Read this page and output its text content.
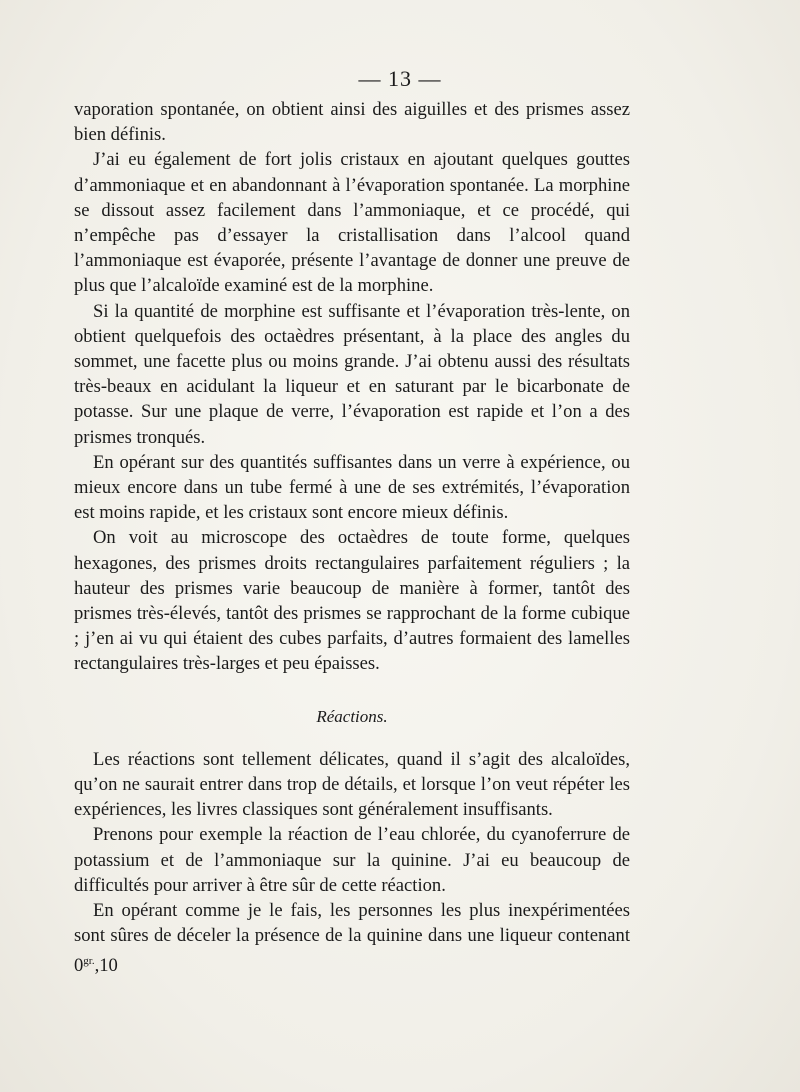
— 13 —

vaporation spontanée, on obtient ainsi des aiguilles et des prismes assez bien définis.

J’ai eu également de fort jolis cristaux en ajoutant quelques gouttes d’ammoniaque et en abandonnant à l’évaporation spontanée. La morphine se dissout assez facilement dans l’ammoniaque, et ce procédé, qui n’empêche pas d’essayer la cristallisation dans l’alcool quand l’ammoniaque est évaporée, présente l’avantage de donner une preuve de plus que l’alcaloïde examiné est de la morphine.

Si la quantité de morphine est suffisante et l’évaporation très-lente, on obtient quelquefois des octaèdres présentant, à la place des angles du sommet, une facette plus ou moins grande. J’ai obtenu aussi des résultats très-beaux en acidulant la liqueur et en saturant par le bicarbonate de potasse. Sur une plaque de verre, l’évaporation est rapide et l’on a des prismes tronqués.

En opérant sur des quantités suffisantes dans un verre à expérience, ou mieux encore dans un tube fermé à une de ses extrémités, l’évaporation est moins rapide, et les cristaux sont encore mieux définis.

On voit au microscope des octaèdres de toute forme, quelques hexagones, des prismes droits rectangulaires parfaitement réguliers ; la hauteur des prismes varie beaucoup de manière à former, tantôt des prismes très-élevés, tantôt des prismes se rapprochant de la forme cubique ; j’en ai vu qui étaient des cubes parfaits, d’autres formaient des lamelles rectangulaires très-larges et peu épaisses.

Réactions.

Les réactions sont tellement délicates, quand il s’agit des alcaloïdes, qu’on ne saurait entrer dans trop de détails, et lorsque l’on veut répéter les expériences, les livres classiques sont généralement insuffisants.

Prenons pour exemple la réaction de l’eau chlorée, du cyanoferrure de potassium et de l’ammoniaque sur la quinine. J’ai eu beaucoup de difficultés pour arriver à être sûr de cette réaction.

En opérant comme je le fais, les personnes les plus inexpérimentées sont sûres de déceler la présence de la quinine dans une liqueur contenant $0^{gr.},10$
